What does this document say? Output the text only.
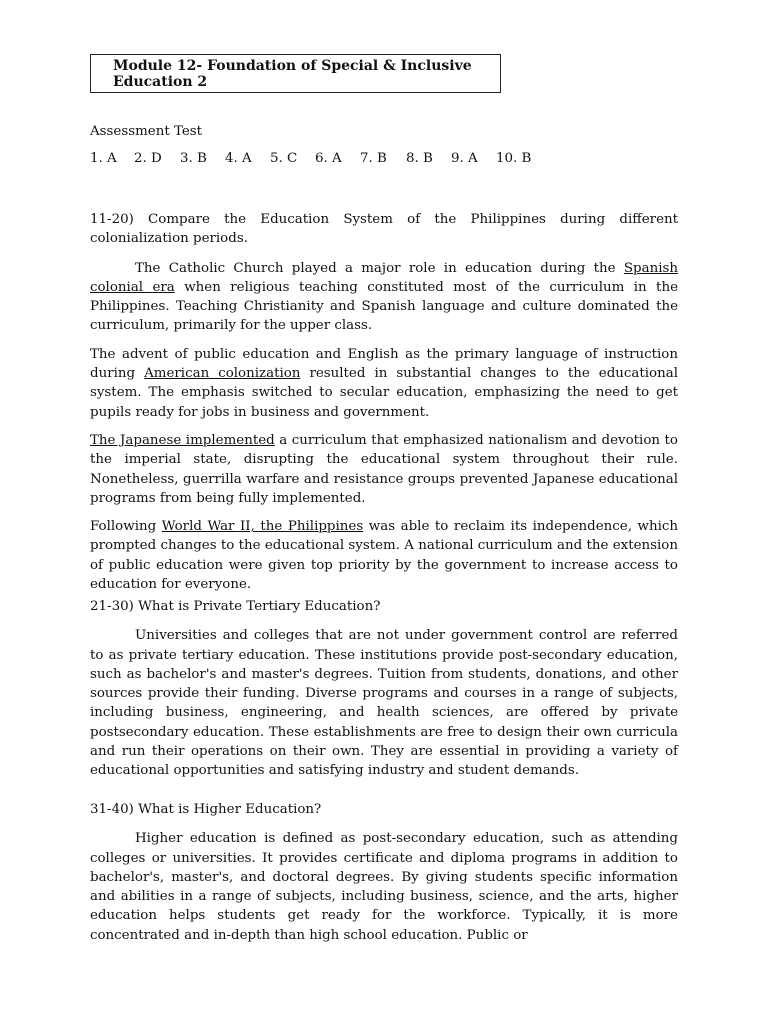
Module 12- Foundation of Special & Inclusive Education 2

Assessment Test

1. A	2. D	3. B	4. A	5. C	6. A	7. B	8. B	9. A	10. B

11-20) Compare the Education System of the Philippines during different colonialization periods.

The Catholic Church played a major role in education during the Spanish colonial era when religious teaching constituted most of the curriculum in the Philippines. Teaching Christianity and Spanish language and culture dominated the curriculum, primarily for the upper class.

The advent of public education and English as the primary language of instruction during American colonization resulted in substantial changes to the educational system. The emphasis switched to secular education, emphasizing the need to get pupils ready for jobs in business and government.

The Japanese implemented a curriculum that emphasized nationalism and devotion to the imperial state, disrupting the educational system throughout their rule. Nonetheless, guerrilla warfare and resistance groups prevented Japanese educational programs from being fully implemented.

Following World War II, the Philippines was able to reclaim its independence, which prompted changes to the educational system. A national curriculum and the extension of public education were given top priority by the government to increase access to education for everyone.

21-30) What is Private Tertiary Education?

Universities and colleges that are not under government control are referred to as private tertiary education. These institutions provide post-secondary education, such as bachelor's and master's degrees. Tuition from students, donations, and other sources provide their funding. Diverse programs and courses in a range of subjects, including business, engineering, and health sciences, are offered by private postsecondary education. These establishments are free to design their own curricula and run their operations on their own. They are essential in providing a variety of educational opportunities and satisfying industry and student demands.

31-40) What is Higher Education?

Higher education is defined as post-secondary education, such as attending colleges or universities. It provides certificate and diploma programs in addition to bachelor's, master's, and doctoral degrees. By giving students specific information and abilities in a range of subjects, including business, science, and the arts, higher education helps students get ready for the workforce. Typically, it is more concentrated and in-depth than high school education. Public or
